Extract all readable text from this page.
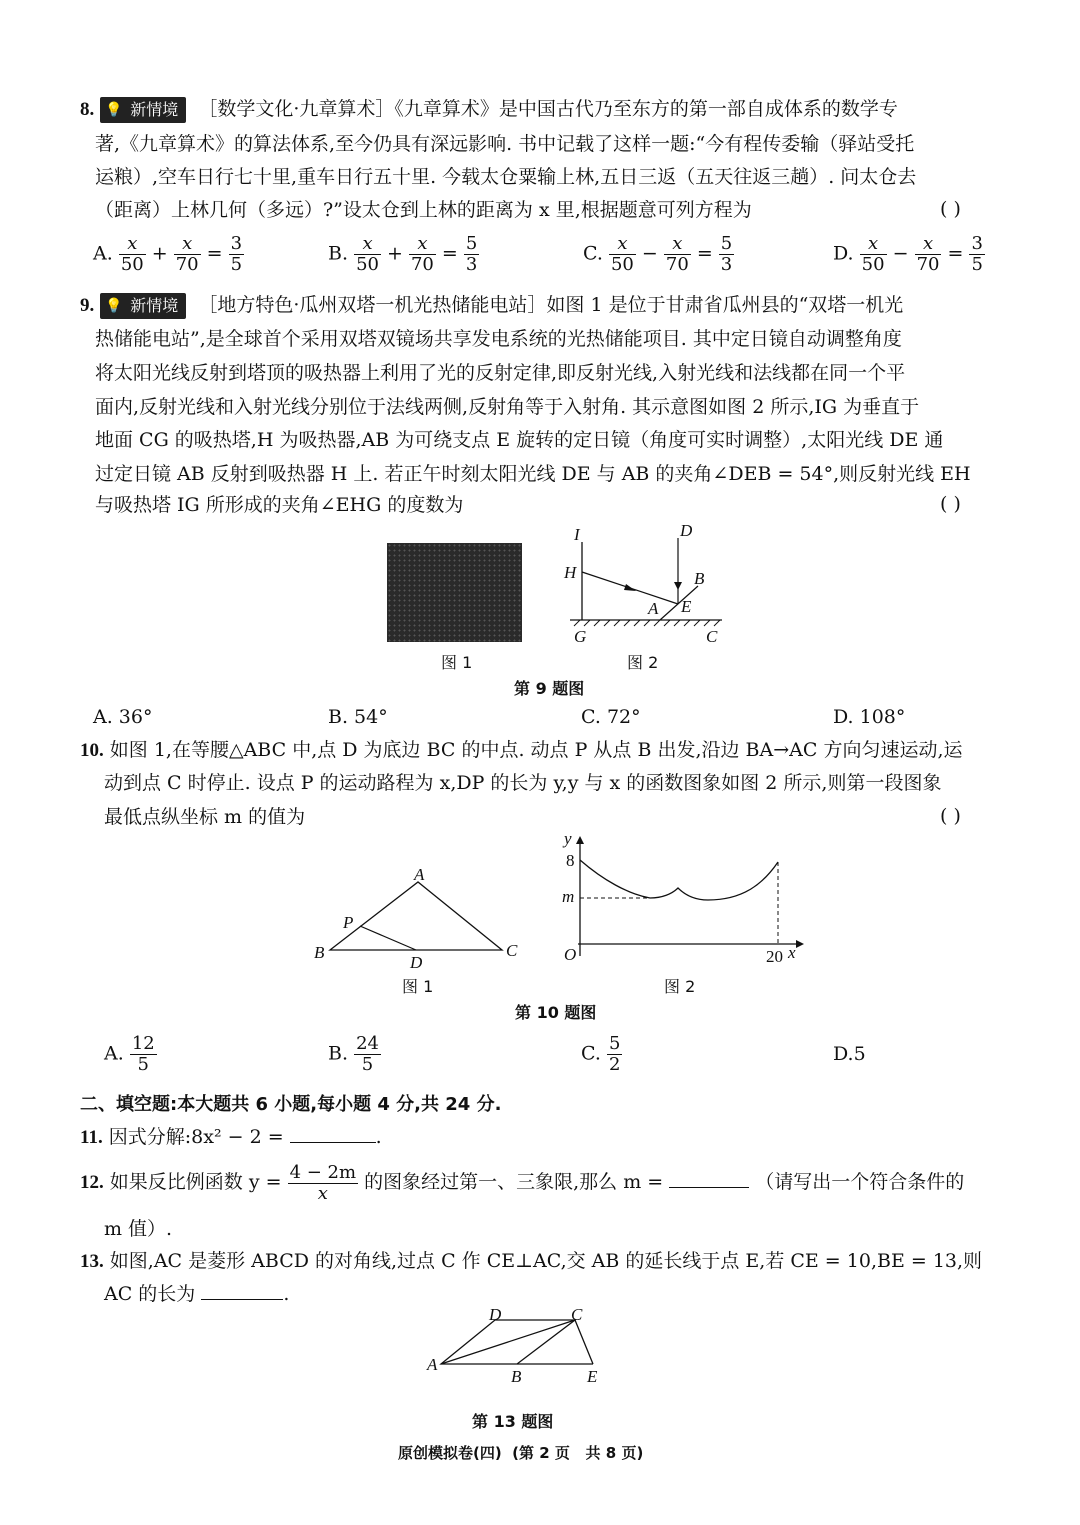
8. 💡 新情境 ［数学文化·九章算术］《九章算术》是中国古代乃至东方的第一部自成体系的数学专
著,《九章算术》的算法体系,至今仍具有深远影响. 书中记载了这样一题:“今有程传委输（驿站受托
运粮）,空车日行七十里,重车日行五十里. 今载太仓粟输上林,五日三返（五天往返三趟）. 问太仓去
（距离）上林几何（多远）?”设太仓到上林的距离为 x 里,根据题意可列方程为	( )
A. $\frac{x}{50} + \frac{x}{70} = \frac{3}{5}$	B. $\frac{x}{50} + \frac{x}{70} = \frac{5}{3}$	C. $\frac{x}{50} - \frac{x}{70} = \frac{5}{3}$	D. $\frac{x}{50} - \frac{x}{70} = \frac{3}{5}$
9. 💡 新情境 ［地方特色·瓜州双塔一机光热储能电站］如图 1 是位于甘肃省瓜州县的“双塔一机光
热储能电站”,是全球首个采用双塔双镜场共享发电系统的光热储能项目. 其中定日镜自动调整角度
将太阳光线反射到塔顶的吸热器上利用了光的反射定律,即反射光线,入射光线和法线都在同一个平
面内,反射光线和入射光线分别位于法线两侧,反射角等于入射角. 其示意图如图 2 所示,IG 为垂直于
地面 CG 的吸热塔,H 为吸热器,AB 为可绕支点 E 旋转的定日镜（角度可实时调整）,太阳光线 DE 通
过定日镜 AB 反射到吸热器 H 上. 若正午时刻太阳光线 DE 与 AB 的夹角∠DEB = 54°,则反射光线 EH
与吸热塔 IG 所形成的夹角∠EHG 的度数为	( )
图 1
I	D
H	B
A E
G	C
图 2
第 9 题图
A. 36°	B. 54°	C. 72°	D. 108°
10. 如图 1,在等腰△ABC 中,点 D 为底边 BC 的中点. 动点 P 从点 B 出发,沿边 BA→AC 方向匀速运动,运
动到点 C 时停止. 设点 P 的运动路程为 x,DP 的长为 y,y 与 x 的函数图象如图 2 所示,则第一段图象
最低点纵坐标 m 的值为	( )
A
P
B
D
C
图 1
y
8
m
O	20 x
图 2
第 10 题图
A. $\frac{12}{5}$	B. $\frac{24}{5}$	C. $\frac{5}{2}$	D.5
二、填空题:本大题共 6 小题,每小题 4 分,共 24 分.
11. 因式分解:8x² − 2 =	.
12. 如果反比例函数 $y = \frac{4 - 2m}{x}$ 的图象经过第一、三象限,那么 m =	（请写出一个符合条件的
m 值）.
13. 如图,AC 是菱形 ABCD 的对角线,过点 C 作 CE⊥AC,交 AB 的延长线于点 E,若 CE = 10,BE = 13,则
AC 的长为	.
D	C
A
B	E
第 13 题图
原创模拟卷(四)  (第 2 页   共 8 页)
